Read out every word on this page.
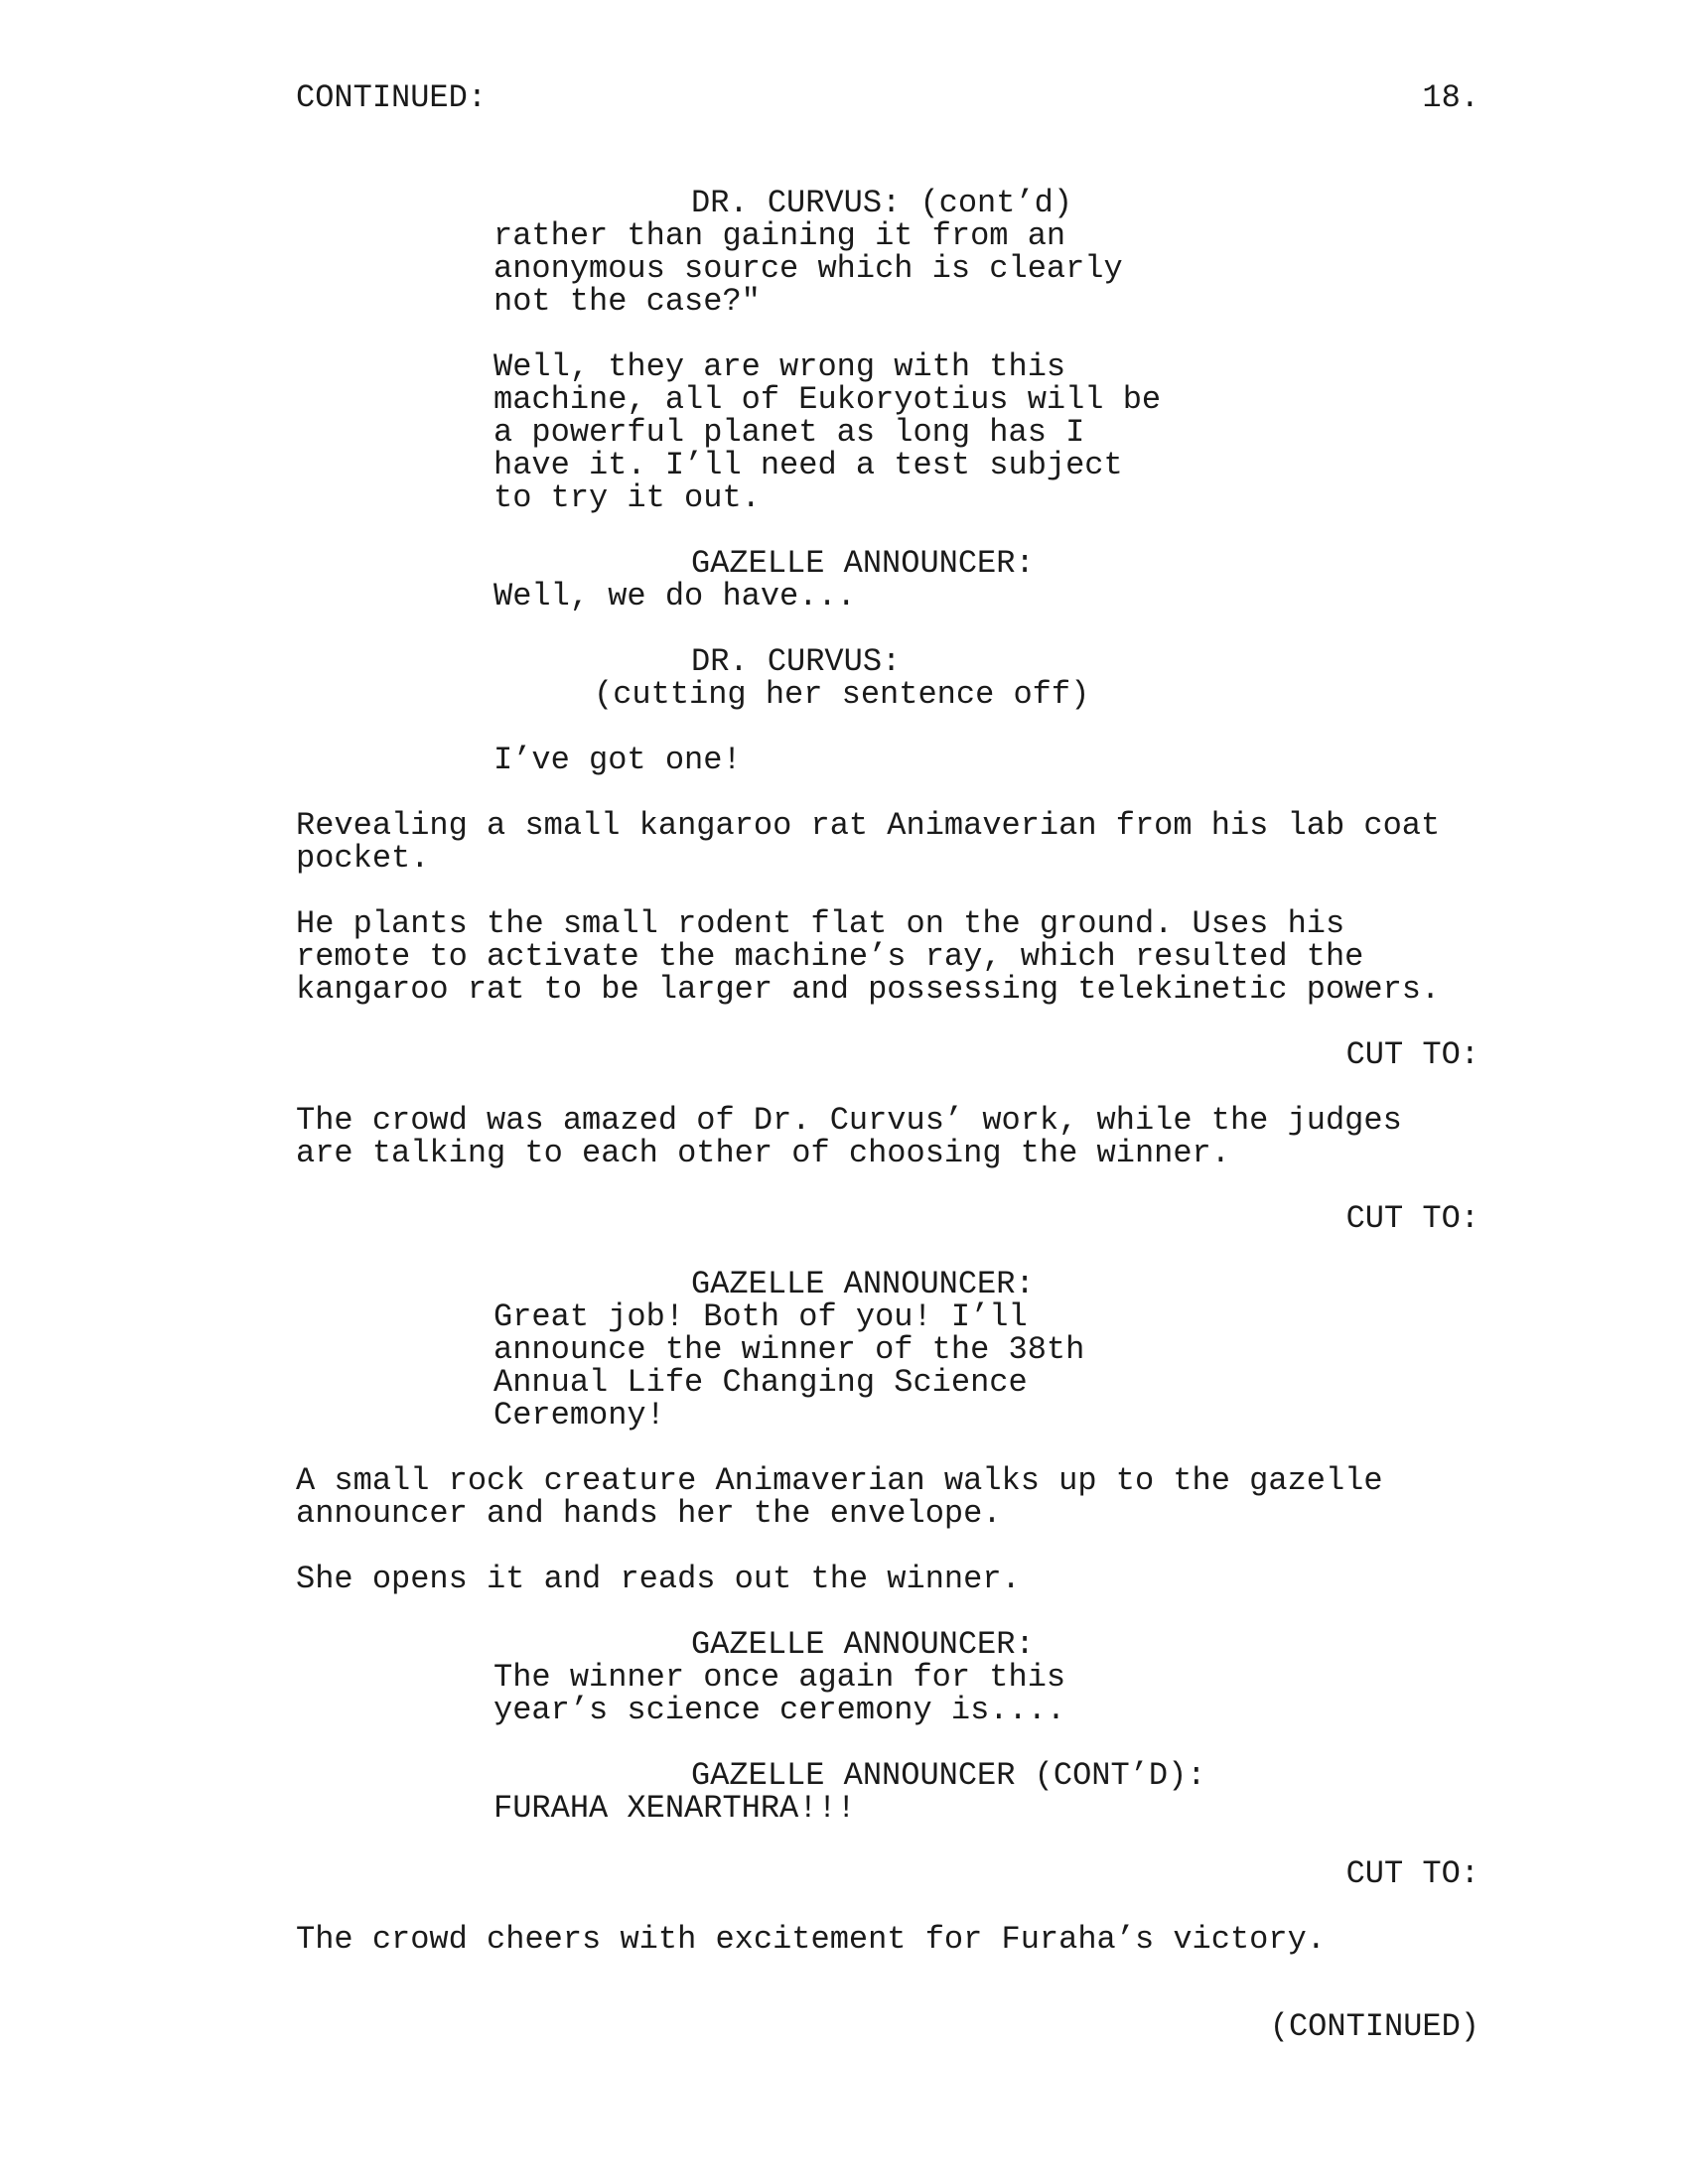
CONTINUED:	18.
DR. CURVUS: (cont’d)
rather than gaining it from an
anonymous source which is clearly
not the case?"
Well, they are wrong with this
machine, all of Eukoryotius will be
a powerful planet as long has I
have it. I’ll need a test subject
to try it out.
GAZELLE ANNOUNCER:
Well, we do have...
DR. CURVUS:
(cutting her sentence off)
I’ve got one!
Revealing a small kangaroo rat Animaverian from his lab coat
pocket.
He plants the small rodent flat on the ground. Uses his
remote to activate the machine’s ray, which resulted the
kangaroo rat to be larger and possessing telekinetic powers.
CUT TO:
The crowd was amazed of Dr. Curvus’ work, while the judges
are talking to each other of choosing the winner.
CUT TO:
GAZELLE ANNOUNCER:
Great job! Both of you! I’ll
announce the winner of the 38th
Annual Life Changing Science
Ceremony!
A small rock creature Animaverian walks up to the gazelle
announcer and hands her the envelope.
She opens it and reads out the winner.
GAZELLE ANNOUNCER:
The winner once again for this
year’s science ceremony is....
GAZELLE ANNOUNCER (CONT’D):
FURAHA XENARTHRA!!!
CUT TO:
The crowd cheers with excitement for Furaha’s victory.
(CONTINUED)
